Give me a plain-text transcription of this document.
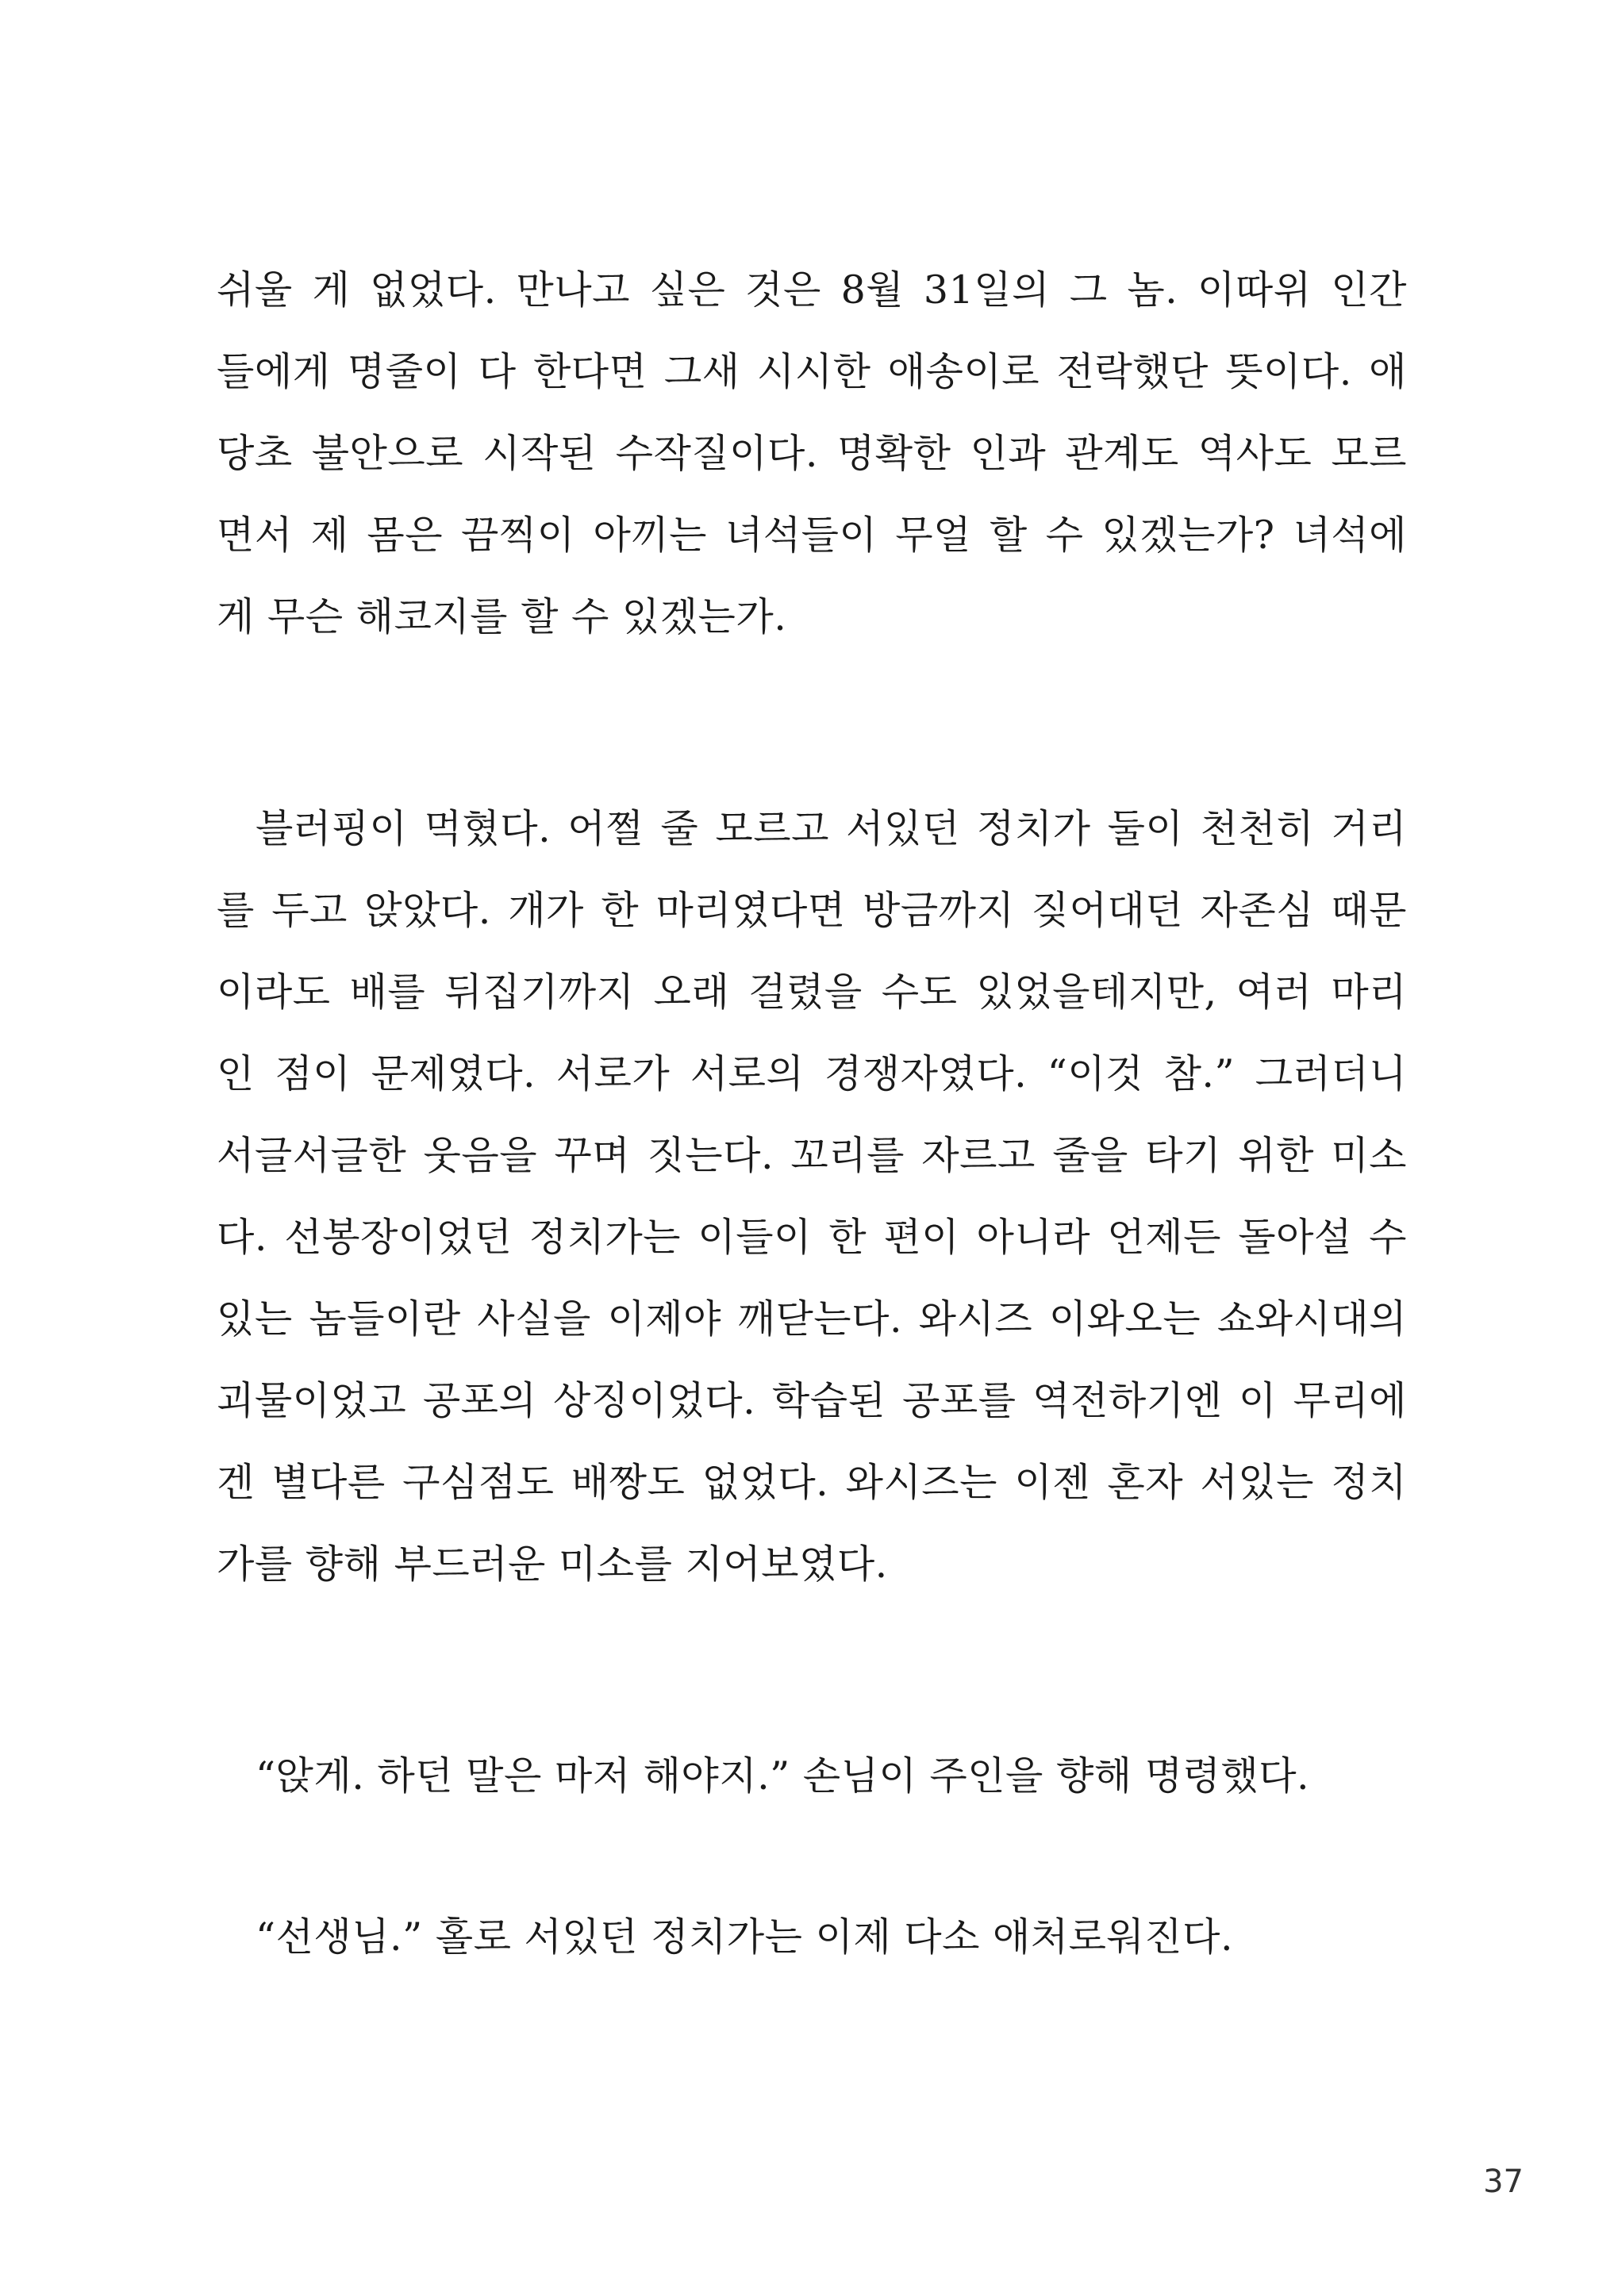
쉬울 게 없었다. 만나고 싶은 것은 8월 31일의 그 놈. 이따위 인간
들에게 명줄이 다 한다면 그새 시시한 애송이로 전락했단 뜻이다. 애
당초 불안으로 시작된 수작질이다. 명확한 인과 관계도 역사도 모르
면서 제 몸은 끔찍이 아끼는 녀석들이 무얼 할 수 있겠는가? 녀석에
게 무슨 해코지를 할 수 있겠는가.
블러핑이 먹혔다. 어쩔 줄 모르고 서있던 정치가 둘이 천천히 거리
를 두고 앉았다. 개가 한 마리였다면 방금까지 짖어대던 자존심 때문
이라도 배를 뒤집기까지 오래 걸렸을 수도 있었을테지만, 여러 마리
인 점이 문제였다. 서로가 서로의 경쟁자였다. “이것 참.” 그러더니
서글서글한 웃음을 꾸며 짓는다. 꼬리를 자르고 줄을 타기 위한 미소
다. 선봉장이었던 정치가는 이들이 한 편이 아니라 언제든 돌아설 수
있는 놈들이란 사실을 이제야 깨닫는다. 와시즈 이와오는 쇼와시대의
괴물이었고 공포의 상징이었다. 학습된 공포를 역전하기엔 이 무리에
겐 별다른 구심점도 배짱도 없었다. 와시즈는 이젠 혼자 서있는 정치
가를 향해 부드러운 미소를 지어보였다.
“앉게. 하던 말은 마저 해야지.” 손님이 주인을 향해 명령했다.
“선생님.” 홀로 서있던 정치가는 이제 다소 애처로워진다.
37
